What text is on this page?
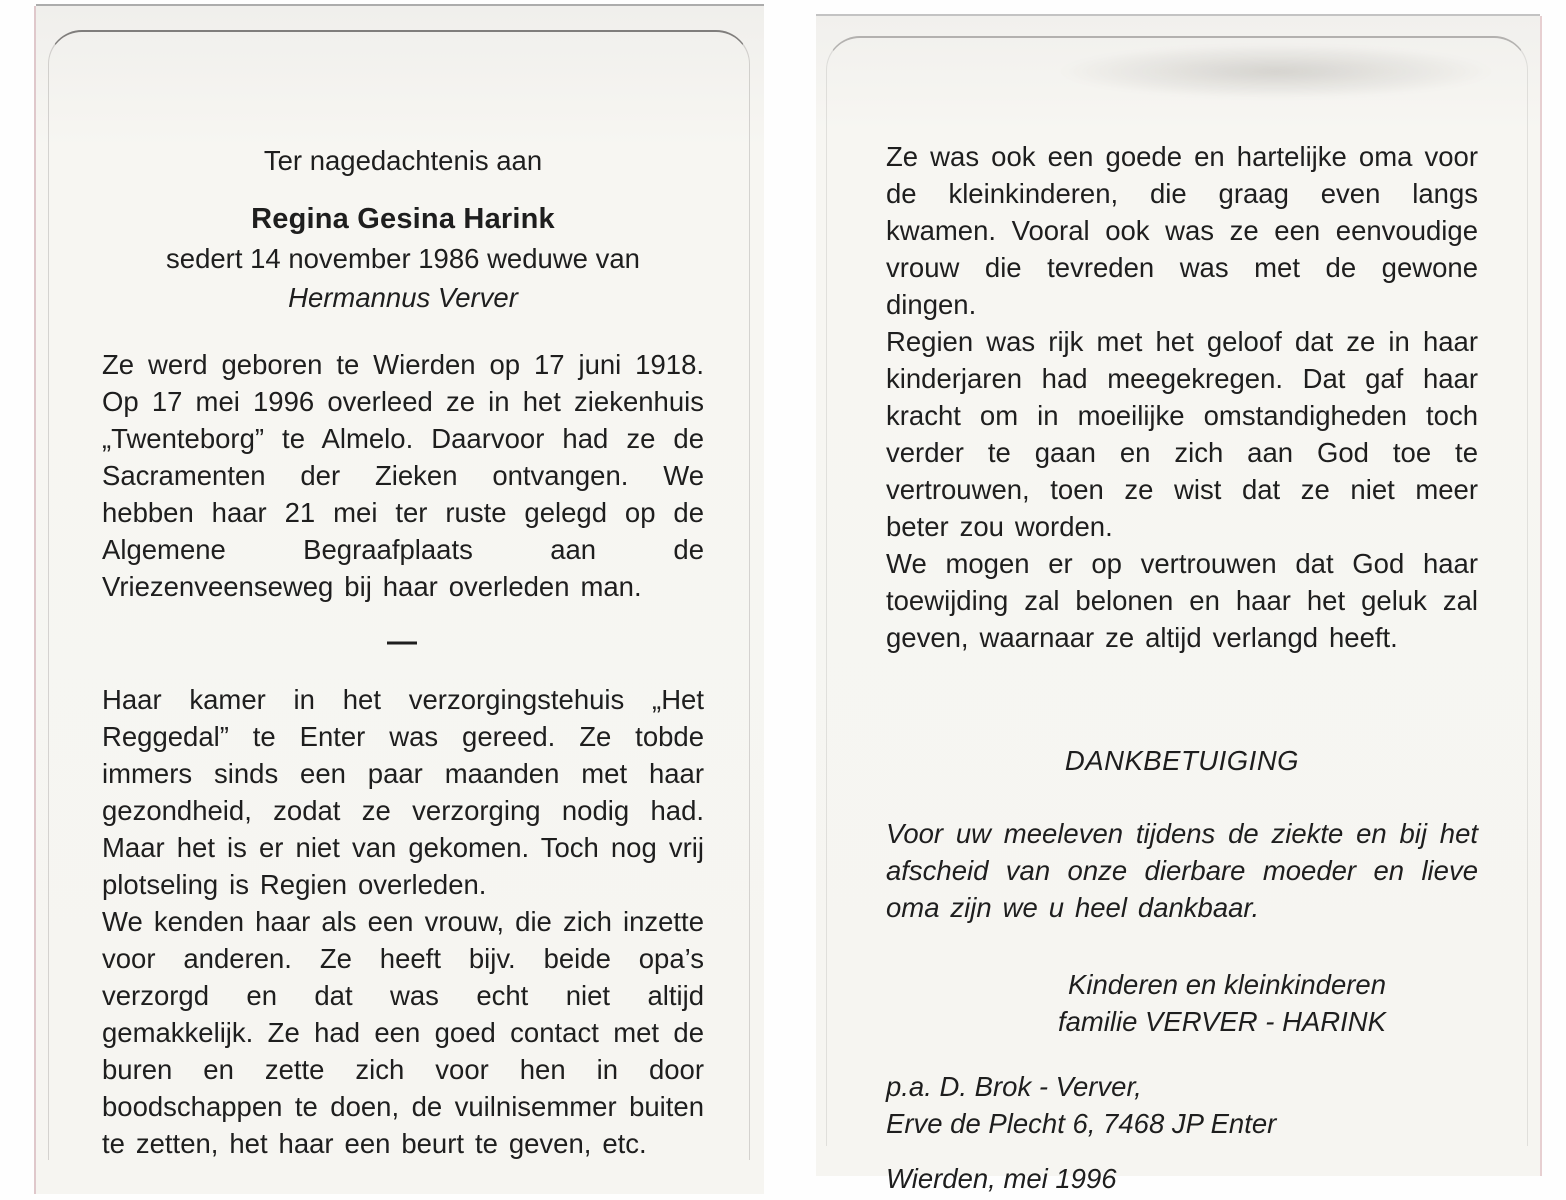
Ter nagedachtenis aan

Regina Gesina Harink

sedert 14 november 1986 weduwe van

Hermannus Verver

Ze werd geboren te Wierden op 17 juni 1918. Op 17 mei 1996 overleed ze in het ziekenhuis „Twenteborg” te Almelo. Daarvoor had ze de Sacramenten der Zieken ontvangen. We hebben haar 21 mei ter ruste gelegd op de Algemene Begraafplaats aan de Vriezenveenseweg bij haar overleden man.

—

Haar kamer in het verzorgingstehuis „Het Reggedal” te Enter was gereed. Ze tobde immers sinds een paar maanden met haar gezondheid, zodat ze verzorging nodig had. Maar het is er niet van gekomen. Toch nog vrij plotseling is Regien overleden.

We kenden haar als een vrouw, die zich inzette voor anderen. Ze heeft bijv. beide opa’s verzorgd en dat was echt niet altijd gemakkelijk. Ze had een goed contact met de buren en zette zich voor hen in door boodschappen te doen, de vuilnisemmer buiten te zetten, het haar een beurt te geven, etc.

Ze was ook een goede en hartelijke oma voor de kleinkinderen, die graag even langs kwamen. Vooral ook was ze een eenvoudige vrouw die tevreden was met de gewone dingen.

Regien was rijk met het geloof dat ze in haar kinderjaren had meegekregen. Dat gaf haar kracht om in moeilijke omstandigheden toch verder te gaan en zich aan God toe te vertrouwen, toen ze wist dat ze niet meer beter zou worden.

We mogen er op vertrouwen dat God haar toewijding zal belonen en haar het geluk zal geven, waarnaar ze altijd verlangd heeft.

DANKBETUIGING

Voor uw meeleven tijdens de ziekte en bij het afscheid van onze dierbare moeder en lieve oma zijn we u heel dankbaar.

Kinderen en kleinkinderen

familie VERVER - HARINK

p.a. D. Brok - Verver,

Erve de Plecht 6, 7468 JP Enter

Wierden, mei 1996
